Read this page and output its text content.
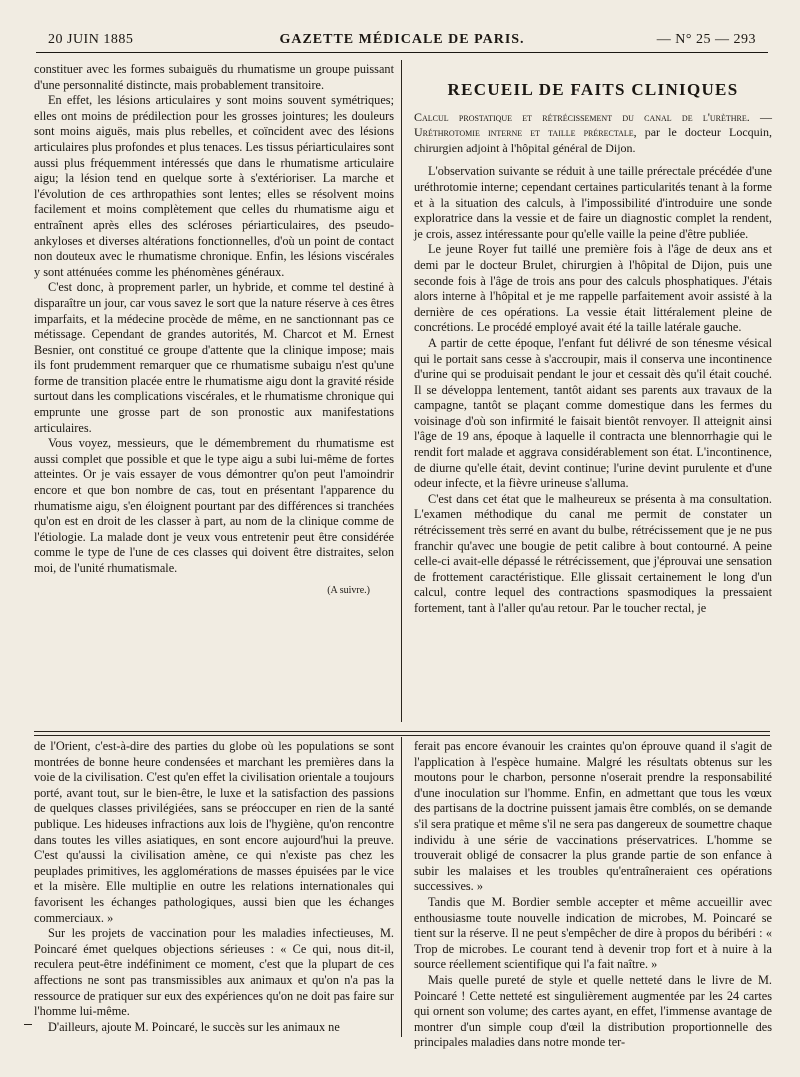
20 JUIN 1885	GAZETTE MÉDICALE DE PARIS.	— N° 25 — 293

constituer avec les formes subaiguës du rhumatisme un groupe puissant d'une personnalité distincte, mais probablement transitoire.

En effet, les lésions articulaires y sont moins souvent symétriques; elles ont moins de prédilection pour les grosses jointures; les douleurs sont moins aiguës, mais plus rebelles, et coïncident avec des lésions articulaires plus profondes et plus tenaces. Les tissus périarticulaires sont aussi plus fréquemment intéressés que dans le rhumatisme articulaire aigu; la lésion tend en quelque sorte à s'extérioriser. La marche et l'évolution de ces arthropathies sont lentes; elles se résolvent moins facilement et moins complètement que celles du rhumatisme aigu et entraînent après elles des scléroses périarticulaires, des pseudo-ankyloses et diverses altérations fonctionnelles, d'où un point de contact non douteux avec le rhumatisme chronique. Enfin, les lésions viscérales y sont atténuées comme les phénomènes généraux.

C'est donc, à proprement parler, un hybride, et comme tel destiné à disparaître un jour, car vous savez le sort que la nature réserve à ces êtres imparfaits, et la médecine procède de même, en ne sanctionnant pas ce métissage. Cependant de grandes autorités, M. Charcot et M. Ernest Besnier, ont constitué ce groupe d'attente que la clinique impose; mais ils font prudemment remarquer que ce rhumatisme subaigu n'est qu'une forme de transition placée entre le rhumatisme aigu dont la gravité réside surtout dans les complications viscérales, et le rhumatisme chronique qui emprunte une grosse part de son pronostic aux manifestations articulaires.

Vous voyez, messieurs, que le démembrement du rhumatisme est aussi complet que possible et que le type aigu a subi lui-même de fortes atteintes. Or je vais essayer de vous démontrer qu'on peut l'amoindrir encore et que bon nombre de cas, tout en présentant l'apparence du rhumatisme aigu, s'en éloignent pourtant par des différences si tranchées qu'on est en droit de les classer à part, au nom de la clinique comme de l'étiologie. La malade dont je veux vous entretenir peut être considérée comme le type de l'une de ces classes qui doivent être distraites, selon moi, de l'unité rhumatismale.

(A suivre.)

RECUEIL DE FAITS CLINIQUES

Calcul prostatique et rétrécissement du canal de l'urèthre. — Uréthrotomie interne et taille prérectale, par le docteur Locquin, chirurgien adjoint à l'hôpital général de Dijon.

L'observation suivante se réduit à une taille prérectale précédée d'une uréthrotomie interne; cependant certaines particularités tenant à la forme et à la situation des calculs, à l'impossibilité d'introduire une sonde exploratrice dans la vessie et de faire un diagnostic complet la rendent, je crois, assez intéressante pour qu'elle vaille la peine d'être publiée.

Le jeune Royer fut taillé une première fois à l'âge de deux ans et demi par le docteur Brulet, chirurgien à l'hôpital de Dijon, puis une seconde fois à l'âge de trois ans pour des calculs phosphatiques. J'étais alors interne à l'hôpital et je me rappelle parfaitement avoir assisté à la dernière de ces opérations. La vessie était littéralement pleine de concrétions. Le procédé employé avait été la taille latérale gauche.

A partir de cette époque, l'enfant fut délivré de son ténesme vésical qui le portait sans cesse à s'accroupir, mais il conserva une incontinence d'urine qui se produisait pendant le jour et cessait dès qu'il était couché. Il se développa lentement, tantôt aidant ses parents aux travaux de la campagne, tantôt se plaçant comme domestique dans les fermes du voisinage d'où son infirmité le faisait bientôt renvoyer. Il atteignit ainsi l'âge de 19 ans, époque à laquelle il contracta une blennorrhagie qui le rendit fort malade et aggrava considérablement son état. L'incontinence, de diurne qu'elle était, devint continue; l'urine devint purulente et d'une odeur infecte, et la fièvre urineuse s'alluma.

C'est dans cet état que le malheureux se présenta à ma consultation. L'examen méthodique du canal me permit de constater un rétrécissement très serré en avant du bulbe, rétrécissement que je ne pus franchir qu'avec une bougie de petit calibre à bout contourné. A peine celle-ci avait-elle dépassé le rétrécissement, que j'éprouvai une sensation de frottement caractéristique. Elle glissait certainement le long d'un calcul, contre lequel des contractions spasmodiques la pressaient fortement, tant à l'aller qu'au retour. Par le toucher rectal, je

de l'Orient, c'est-à-dire des parties du globe où les populations se sont montrées de bonne heure condensées et marchant les premières dans la voie de la civilisation. C'est qu'en effet la civilisation orientale a toujours porté, avant tout, sur le bien-être, le luxe et la satisfaction des passions de quelques classes privilégiées, sans se préoccuper en rien de la santé publique. Les hideuses infractions aux lois de l'hygiène, qu'on rencontre dans toutes les villes asiatiques, en sont encore aujourd'hui la preuve. C'est qu'aussi la civilisation amène, ce qui n'existe pas chez les peuplades primitives, les agglomérations de masses épuisées par le vice et la misère. Elle multiplie en outre les relations internationales qui favorisent les échanges pathologiques, aussi bien que les échanges commerciaux. »

Sur les projets de vaccination pour les maladies infectieuses, M. Poincaré émet quelques objections sérieuses : « Ce qui, nous dit-il, reculera peut-être indéfiniment ce moment, c'est que la plupart de ces affections ne sont pas transmissibles aux animaux et qu'on n'a pas la ressource de pratiquer sur eux des expériences qu'on ne doit pas faire sur l'homme lui-même.

D'ailleurs, ajoute M. Poincaré, le succès sur les animaux ne

ferait pas encore évanouir les craintes qu'on éprouve quand il s'agit de l'application à l'espèce humaine. Malgré les résultats obtenus sur les moutons pour le charbon, personne n'oserait prendre la responsabilité d'une inoculation sur l'homme. Enfin, en admettant que tous les vœux des partisans de la doctrine puissent jamais être comblés, on se demande s'il sera pratique et même s'il ne sera pas dangereux de soumettre chaque individu à une série de vaccinations préservatrices. L'homme se trouverait obligé de consacrer la plus grande partie de son enfance à subir les malaises et les troubles qu'entraîneraient ces opérations successives. »

Tandis que M. Bordier semble accepter et même accueillir avec enthousiasme toute nouvelle indication de microbes, M. Poincaré se tient sur la réserve. Il ne peut s'empêcher de dire à propos du béribéri : « Trop de microbes. Le courant tend à devenir trop fort et à nuire à la source réellement scientifique qui l'a fait naître. »

Mais quelle pureté de style et quelle netteté dans le livre de M. Poincaré ! Cette netteté est singulièrement augmentée par les 24 cartes qui ornent son volume; des cartes ayant, en effet, l'immense avantage de montrer d'un simple coup d'œil la distribution proportionnelle des principales maladies dans notre monde ter-
